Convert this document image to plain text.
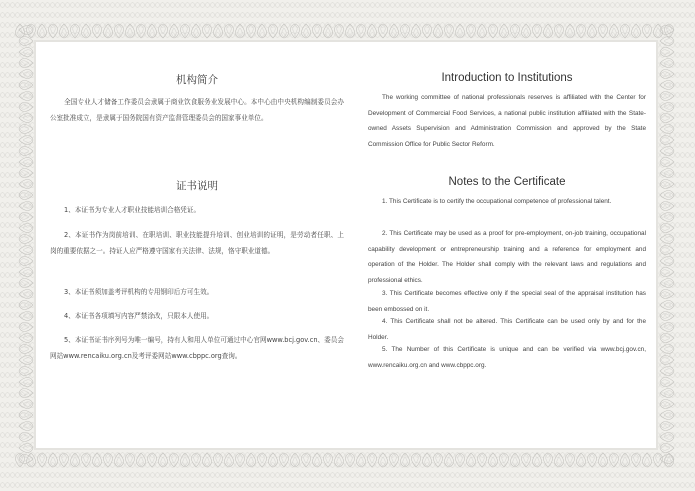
机构简介

全国专业人才储备工作委员会隶属于商业饮食服务业发展中心。本中心由中央机构编制委员会办公室批准成立，是隶属于国务院国有资产监督管理委员会的国家事业单位。

证书说明

1、本证书为专业人才职业技能培训合格凭证。

2、本证书作为岗前培训、在职培训、职业技能提升培训、创业培训的证明，是劳动者任职、上岗的重要依据之一。持证人应严格遵守国家有关法律、法规，恪守职业道德。

3、本证书须加盖考评机构的专用钢印后方可生效。

4、本证书各项填写内容严禁涂改，只限本人使用。

5、本证书证书序列号为唯一编号，持有人和用人单位可通过中心官网www.bcj.gov.cn、委员会网站www.rencaiku.org.cn及考评委网站www.cbppc.org查询。

Introduction to Institutions

The working committee of national professionals reserves is affiliated with the Center for Development of Commercial Food Services, a national public institution affiliated with the State-owned Assets Supervision and Administration Commission and approved by the State Commission Office for Public Sector Reform.

Notes to the Certificate

1. This Certificate is to certify the occupational competence of professional talent.

2. This Certificate may be used as a proof for pre-employment, on-job training, occupational capability development or entrepreneurship training and a reference for employment and operation of the Holder. The Holder shall comply with the relevant laws and regulations and professional ethics.

3. This Certificate becomes effective only if the special seal of the appraisal institution has been embossed on it.

4. This Certificate shall not be altered. This Certificate can be used only by and for the Holder.

5. The Number of this Certificate is unique and can be verified via www.bcj.gov.cn, www.rencaiku.org.cn and www.cbppc.org.
